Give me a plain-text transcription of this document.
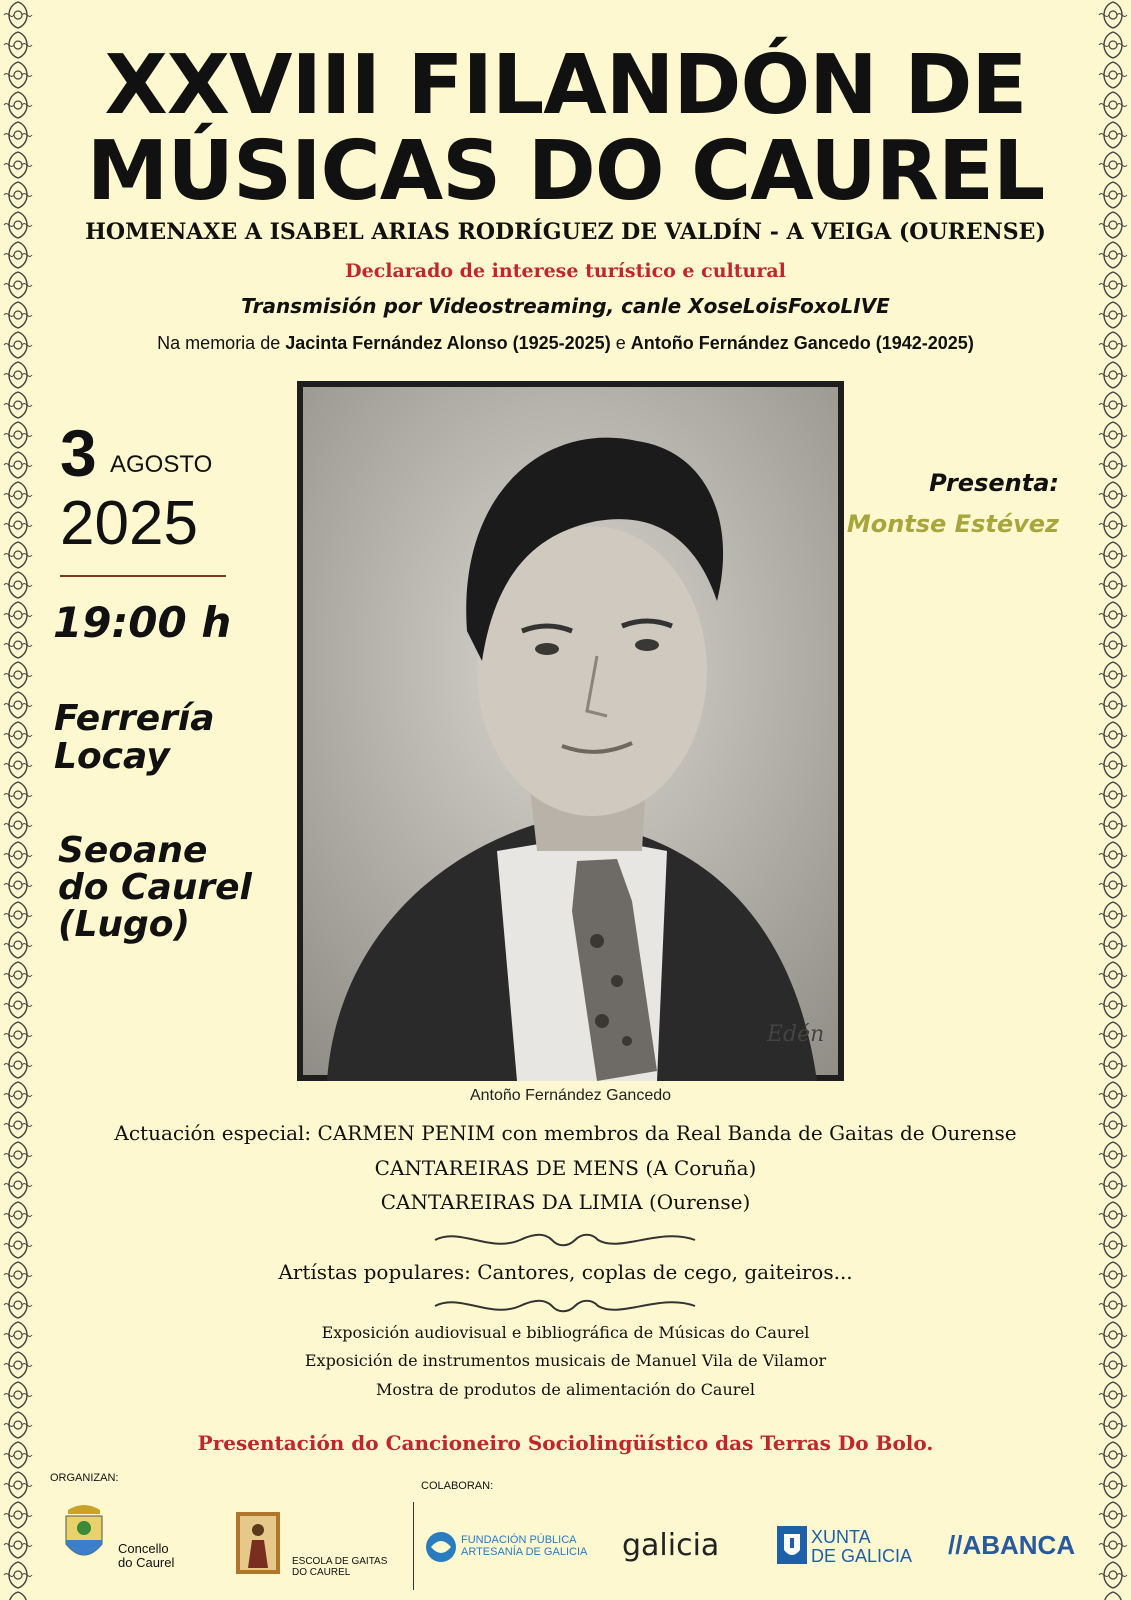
XXVIII FILANDÓN DE
MÚSICAS DO CAUREL
HOMENAXE A ISABEL ARIAS RODRÍGUEZ DE VALDÍN - A VEIGA (OURENSE)
Declarado de interese turístico e cultural
Transmisión por Videostreaming, canle XoseLoisFoxoLIVE
Na memoria de Jacinta Fernández Alonso (1925-2025) e Antoño Fernández Gancedo (1942-2025)
3 AGOSTO
2025
19:00 h
Ferrería
Locay
Seoane
do Caurel
(Lugo)
Presenta:
Montse Estévez
Edén
Antoño Fernández Gancedo
Actuación especial: CARMEN PENIM con membros da Real Banda de Gaitas de Ourense
CANTAREIRAS DE MENS (A Coruña)
CANTAREIRAS DA LIMIA (Ourense)
Artístas populares: Cantores, coplas de cego, gaiteiros...
Exposición audiovisual e bibliográfica de Músicas do Caurel
Exposición de instrumentos musicais de Manuel Vila de Vilamor
Mostra de produtos de alimentación do Caurel
Presentación do Cancioneiro Sociolingüístico das Terras Do Bolo.
ORGANIZAN:
Concello
do Caurel	ESCOLA DE GAITAS
DO CAUREL
COLABORAN:
FUNDACIÓN PÚBLICA
ARTESANÍA DE GALICIA galicia	XUNTA
DE GALICIA //ABANCA
